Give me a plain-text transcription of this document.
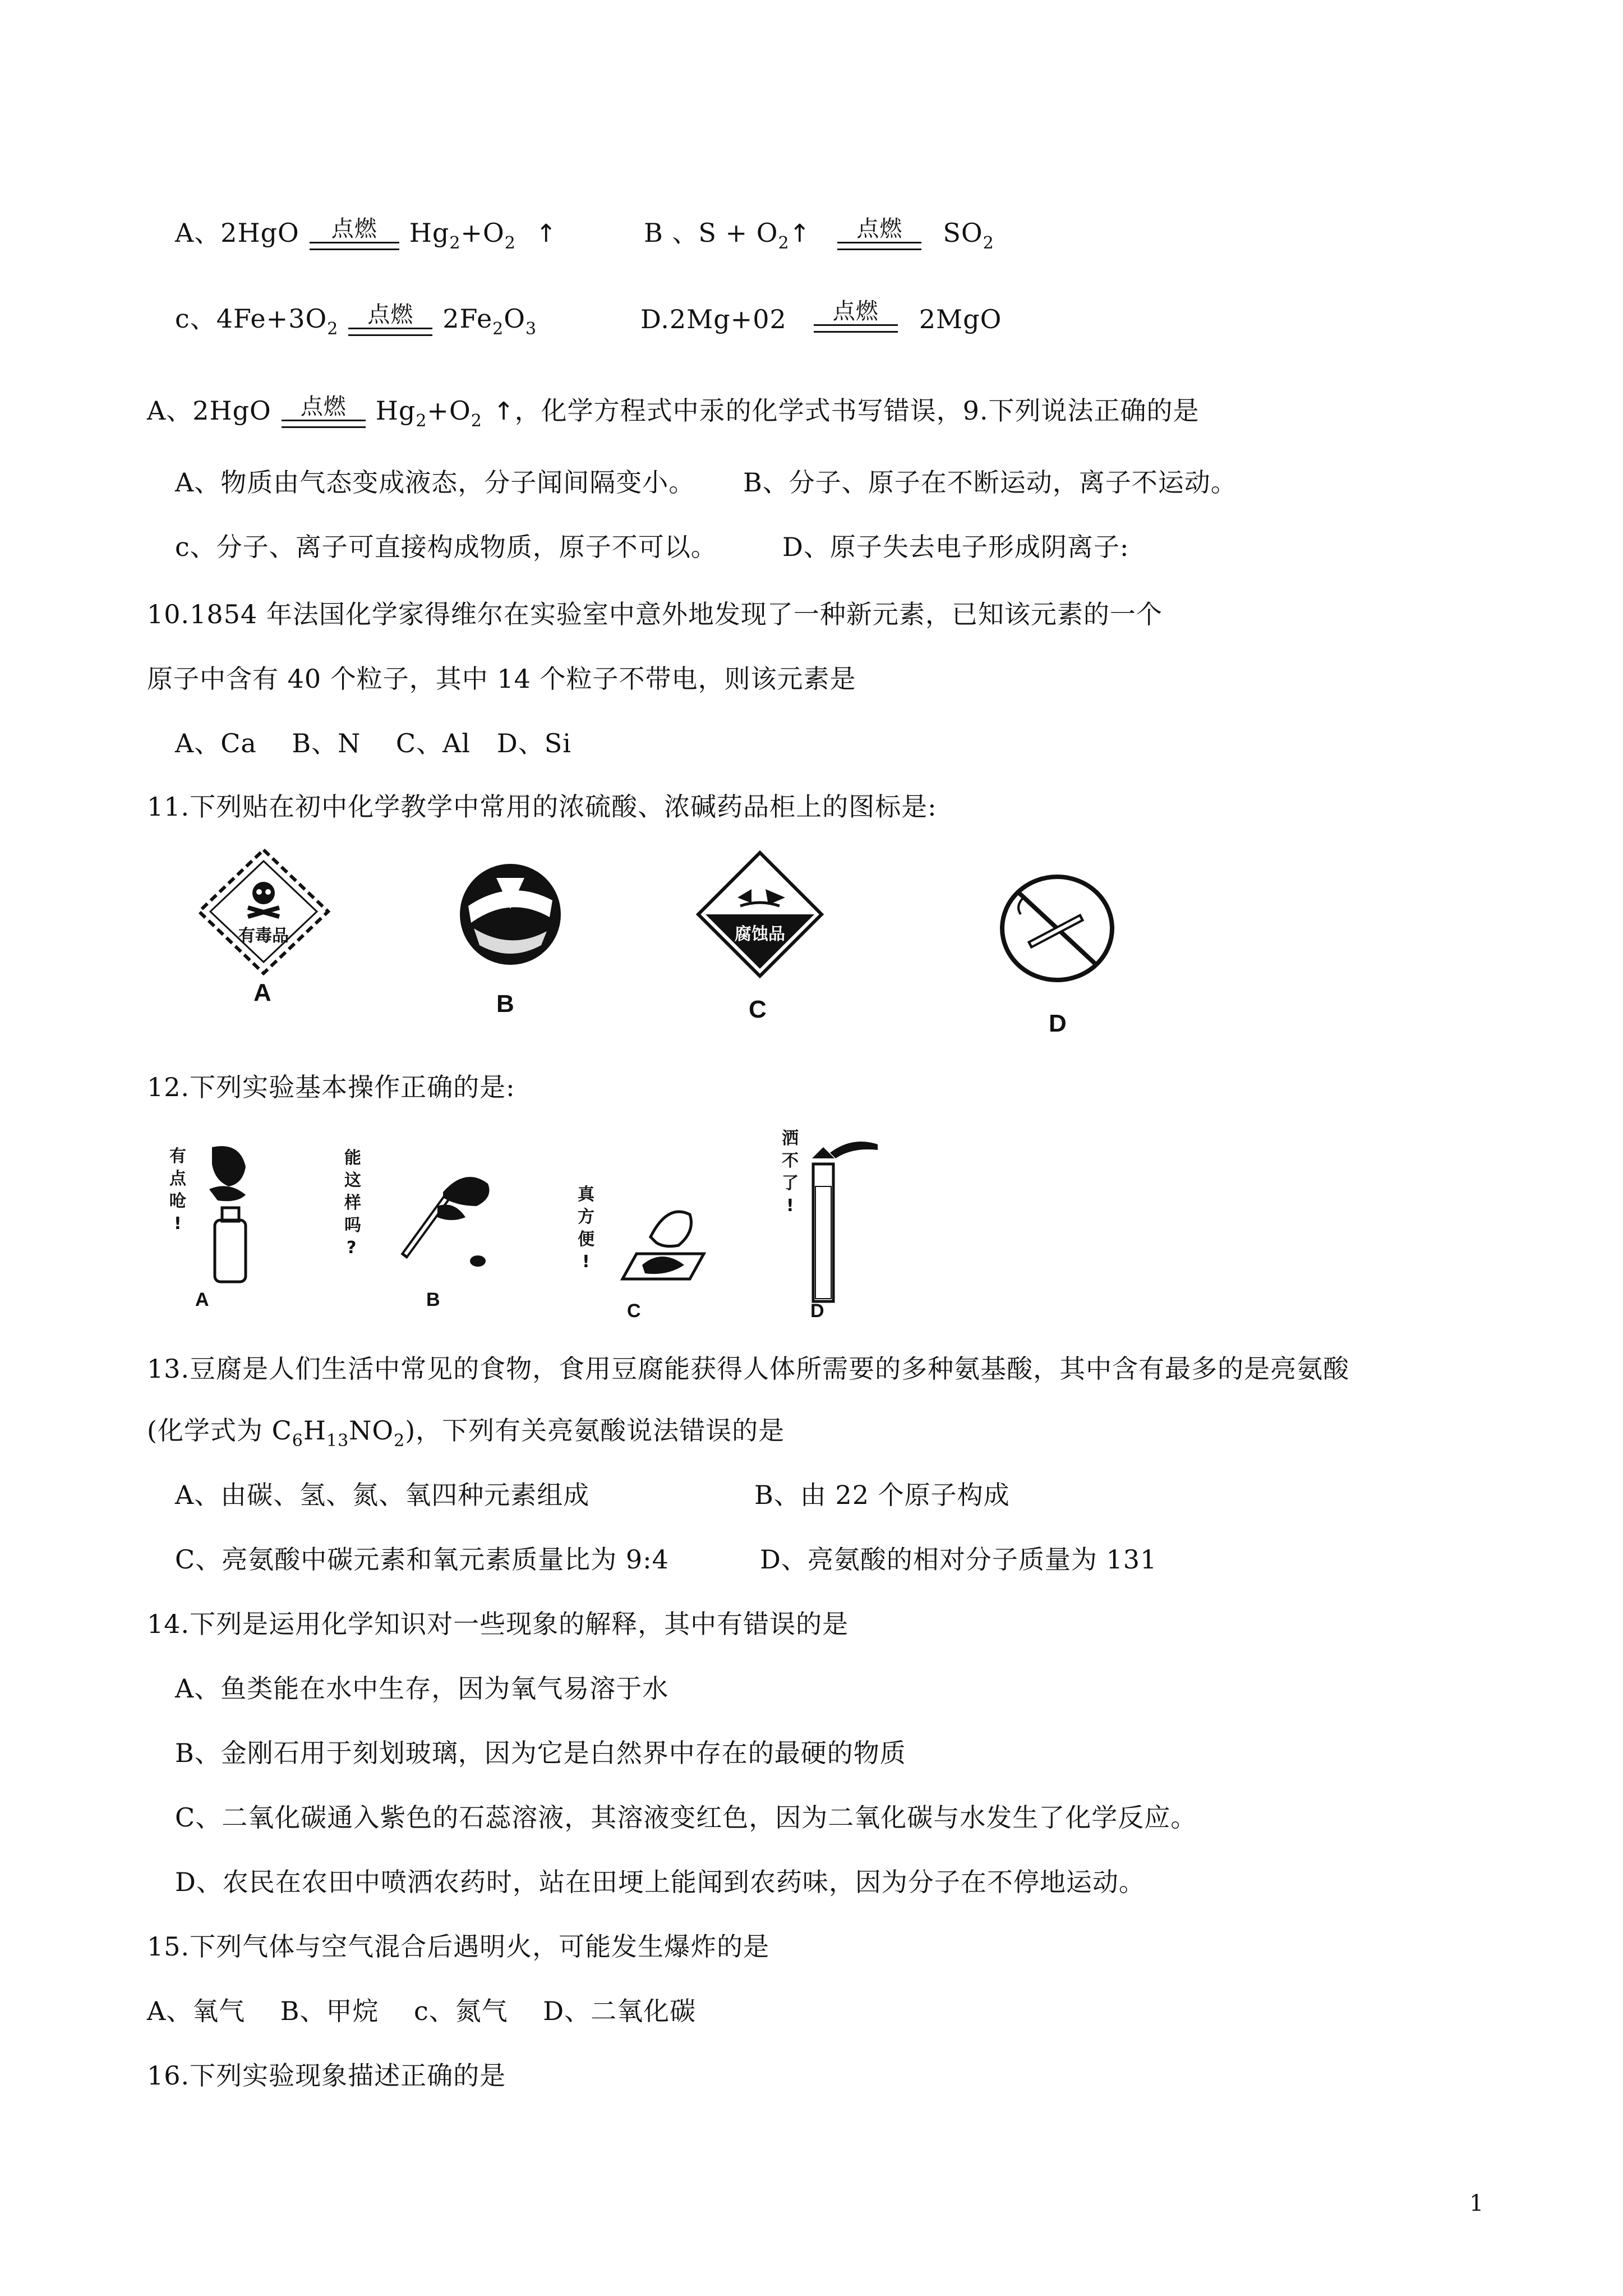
A、2HgO	点燃	$Hg_2+O_2$ ↑	B 、$S + O_2↑$	点燃	$SO_2$
c、$4Fe+3O_2$
点燃	$2Fe_2O_3$	D.2Mg+02	点燃	2MgO
A、2HgO	点燃	$Hg_2+O_2$ ↑，化学方程式中汞的化学式书写错误，9.下列说法正确的是
A、物质由气态变成液态，分子闻间隔变小。 B、分子、原子在不断运动，离子不运动。
c、分子、离子可直接构成物质，原子不可以。	D、原子失去电子形成阴离子:
10.1854 年法国化学家得维尔在实验室中意外地发现了一种新元素，已知该元素的一个
原子中含有 40 个粒子，其中 14 个粒子不带电，则该元素是
A、Ca    B、N    C、Al   D、Si
11.下列贴在初中化学教学中常用的浓硫酸、浓碱药品柜上的图标是:
有毒品
A	B
腐蚀品
C
D
12.下列实验基本操作正确的是:
有
点
呛
!
A
能
这
样
吗
?
B
真
方
便
!
C
洒
不
了
!
D
13.豆腐是人们生活中常见的食物，食用豆腐能获得人体所需要的多种氨基酸，其中含有最多的是亮氨酸
(化学式为 $C_6H_{13}NO_2$)，下列有关亮氨酸说法错误的是
A、由碳、氢、氮、氧四种元素组成	B、由 22 个原子构成
C、亮氨酸中碳元素和氧元素质量比为 9:4	D、亮氨酸的相对分子质量为 131
14.下列是运用化学知识对一些现象的解释，其中有错误的是
A、鱼类能在水中生存，因为氧气易溶于水
B、金刚石用于刻划玻璃，因为它是白然界中存在的最硬的物质
C、二氧化碳通入紫色的石蕊溶液，其溶液变红色，因为二氧化碳与水发生了化学反应。
D、农民在农田中喷洒农药时，站在田埂上能闻到农药味，因为分子在不停地运动。
15.下列气体与空气混合后遇明火，可能发生爆炸的是
A、氧气    B、甲烷    c、氮气    D、二氧化碳
16.下列实验现象描述正确的是
1
